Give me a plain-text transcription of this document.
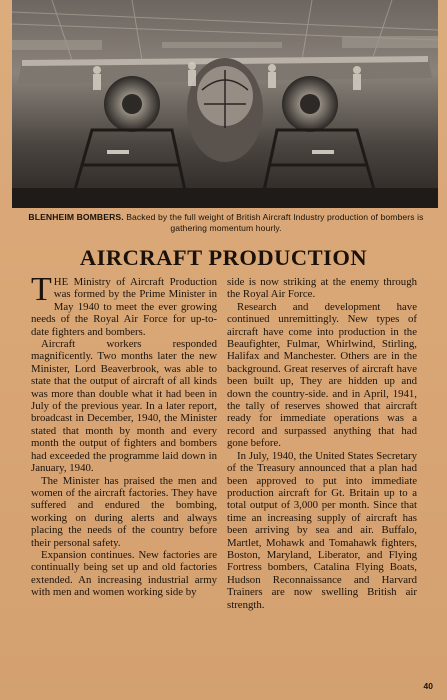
BLENHEIM BOMBERS. Backed by the full weight of British Aircraft Industry production of bombers is gathering momentum hourly.
AIRCRAFT PRODUCTION

THE Ministry of Aircraft Production was formed by the Prime Minister in May 1940 to meet the ever growing needs of the Royal Air Force for up-to-date fighters and bombers.

Aircraft workers responded magnificently. Two months later the new Minister, Lord Beaverbrook, was able to state that the output of aircraft of all kinds was more than double what it had been in July of the previous year. In a later report, broadcast in December, 1940, the Minister stated that month by month and every month the output of fighters and bombers had exceeded the programme laid down in January, 1940.

The Minister has praised the men and women of the aircraft factories. They have suffered and endured the bombing, working on during alerts and always placing the needs of the country before their personal safety.

Expansion continues. New factories are continually being set up and old factories extended. An increasing industrial army with men and women working side by

side is now striking at the enemy through the Royal Air Force.

Research and development have continued unremittingly. New types of aircraft have come into production in the Beaufighter, Fulmar, Whirlwind, Stirling, Halifax and Manchester. Others are in the background. Great reserves of aircraft have been built up, They are hidden up and down the country-side. and in April, 1941, the tally of reserves showed that aircraft ready for immediate operations was a record and surpassed anything that had gone before.

In July, 1940, the United States Secretary of the Treasury announced that a plan had been approved to put into immediate production aircraft for Gt. Britain up to a total output of 3,000 per month. Since that time an increasing supply of aircraft has been arriving by sea and air. Buffalo, Martlet, Mohawk and Tomahawk fighters, Boston, Maryland, Liberator, and Flying Fortress bombers, Catalina Flying Boats, Hudson Reconnaissance and Harvard Trainers are now swelling British air strength.

40
